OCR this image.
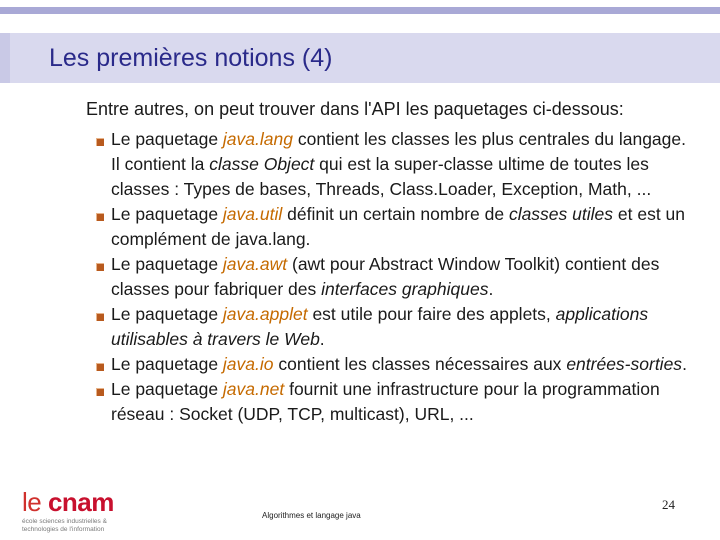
Les premières notions (4)
Entre autres, on peut trouver dans l'API les paquetages ci-dessous:
Le paquetage java.lang contient les classes les plus centrales du langage. Il contient la classe Object qui est la super-classe ultime de toutes les classes : Types de bases, Threads, Class.Loader, Exception, Math, ...
Le paquetage java.util définit un certain nombre de classes utiles et est un complément de java.lang.
Le paquetage java.awt (awt pour Abstract Window Toolkit) contient des classes pour fabriquer des interfaces graphiques.
Le paquetage java.applet est utile pour faire des applets, applications utilisables à travers le Web.
Le paquetage java.io contient les classes nécessaires aux entrées-sorties.
Le paquetage java.net fournit une infrastructure pour la programmation réseau : Socket (UDP, TCP, multicast), URL, ...
le cnam
école sciences industrielles & technologies de l'information
Algorithmes et langage java
24
